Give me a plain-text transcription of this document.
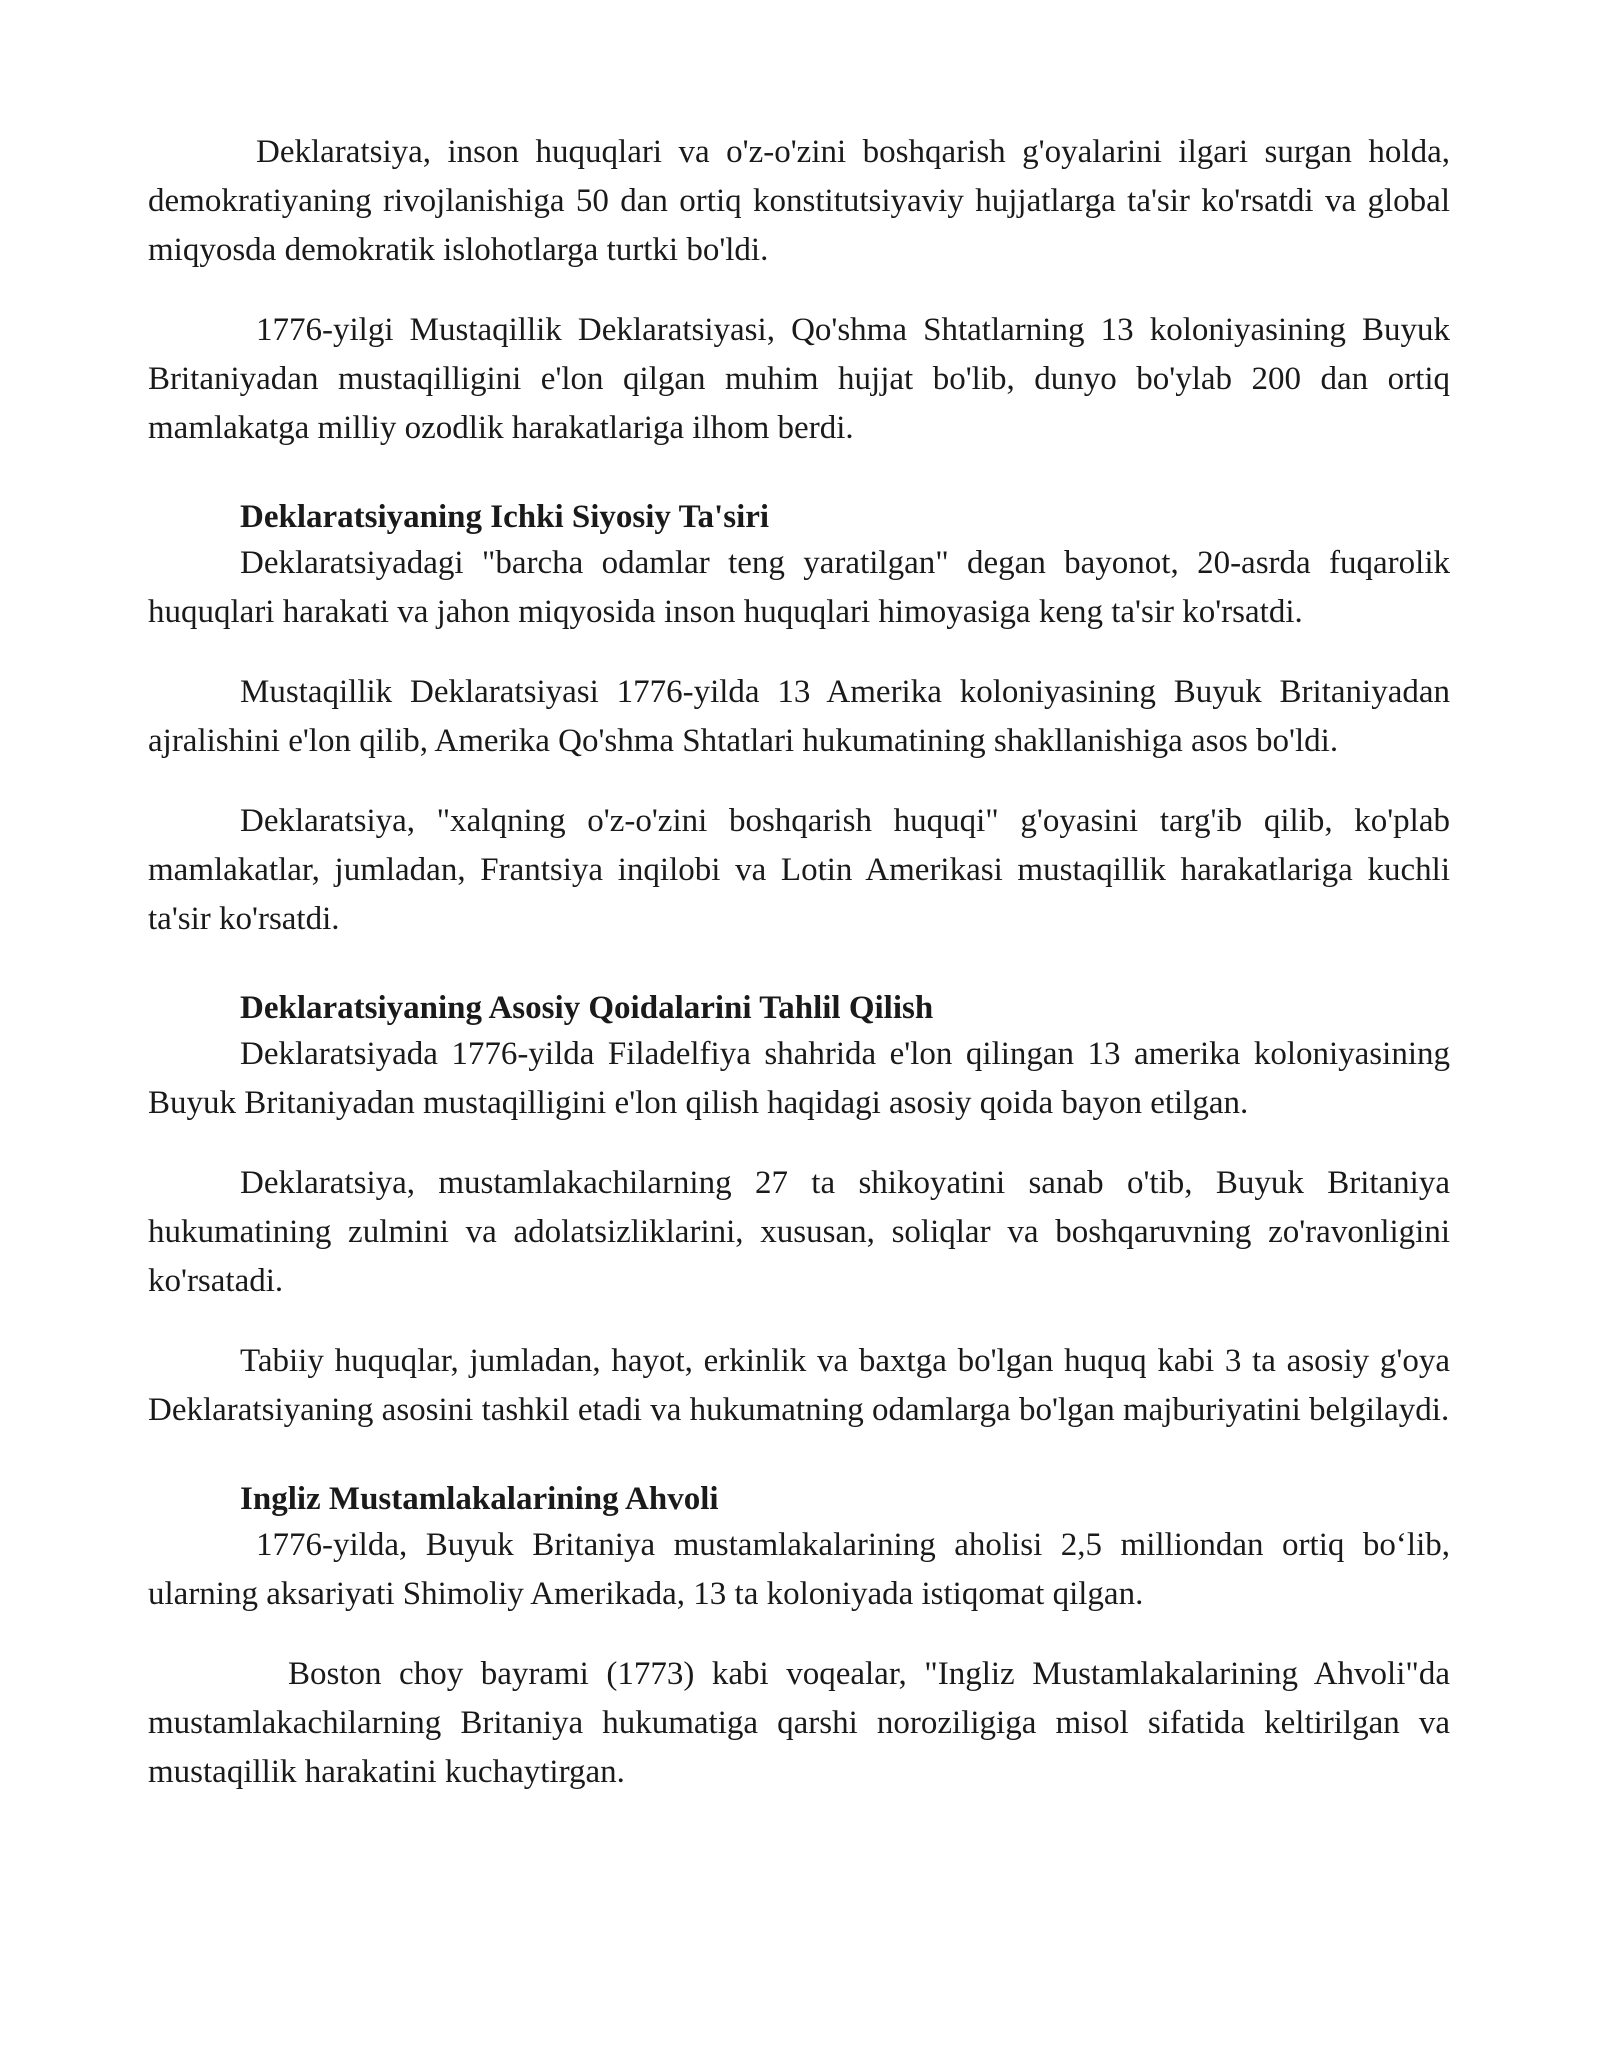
Deklaratsiya, inson huquqlari va o'z-o'zini boshqarish g'oyalarini ilgari surgan holda, demokratiyaning rivojlanishiga 50 dan ortiq konstitutsiyaviy hujjatlarga ta'sir ko'rsatdi va global miqyosda demokratik islohotlarga turtki bo'ldi.

1776-yilgi Mustaqillik Deklaratsiyasi, Qo'shma Shtatlarning 13 koloniyasining Buyuk Britaniyadan mustaqilligini e'lon qilgan muhim hujjat bo'lib, dunyo bo'ylab 200 dan ortiq mamlakatga milliy ozodlik harakatlariga ilhom berdi.

Deklaratsiyaning Ichki Siyosiy Ta'siri

Deklaratsiyadagi "barcha odamlar teng yaratilgan" degan bayonot, 20-asrda fuqarolik huquqlari harakati va jahon miqyosida inson huquqlari himoyasiga keng ta'sir ko'rsatdi.

Mustaqillik Deklaratsiyasi 1776-yilda 13 Amerika koloniyasining Buyuk Britaniyadan ajralishini e'lon qilib, Amerika Qo'shma Shtatlari hukumatining shakllanishiga asos bo'ldi.

Deklaratsiya, "xalqning o'z-o'zini boshqarish huquqi" g'oyasini targ'ib qilib, ko'plab mamlakatlar, jumladan, Frantsiya inqilobi va Lotin Amerikasi mustaqillik harakatlariga kuchli ta'sir ko'rsatdi.

Deklaratsiyaning Asosiy Qoidalarini Tahlil Qilish

Deklaratsiyada 1776-yilda Filadelfiya shahrida e'lon qilingan 13 amerika koloniyasining Buyuk Britaniyadan mustaqilligini e'lon qilish haqidagi asosiy qoida bayon etilgan.

Deklaratsiya, mustamlakachilarning 27 ta shikoyatini sanab o'tib, Buyuk Britaniya hukumatining zulmini va adolatsizliklarini, xususan, soliqlar va boshqaruvning zo'ravonligini ko'rsatadi.

Tabiiy huquqlar, jumladan, hayot, erkinlik va baxtga bo'lgan huquq kabi 3 ta asosiy g'oya Deklaratsiyaning asosini tashkil etadi va hukumatning odamlarga bo'lgan majburiyatini belgilaydi.

Ingliz Mustamlakalarining Ahvoli

1776-yilda, Buyuk Britaniya mustamlakalarining aholisi 2,5 milliondan ortiq bo‘lib, ularning aksariyati Shimoliy Amerikada, 13 ta koloniyada istiqomat qilgan.

Boston choy bayrami (1773) kabi voqealar, "Ingliz Mustamlakalarining Ahvoli"da mustamlakachilarning Britaniya hukumatiga qarshi noroziligiga misol sifatida keltirilgan va mustaqillik harakatini kuchaytirgan.
